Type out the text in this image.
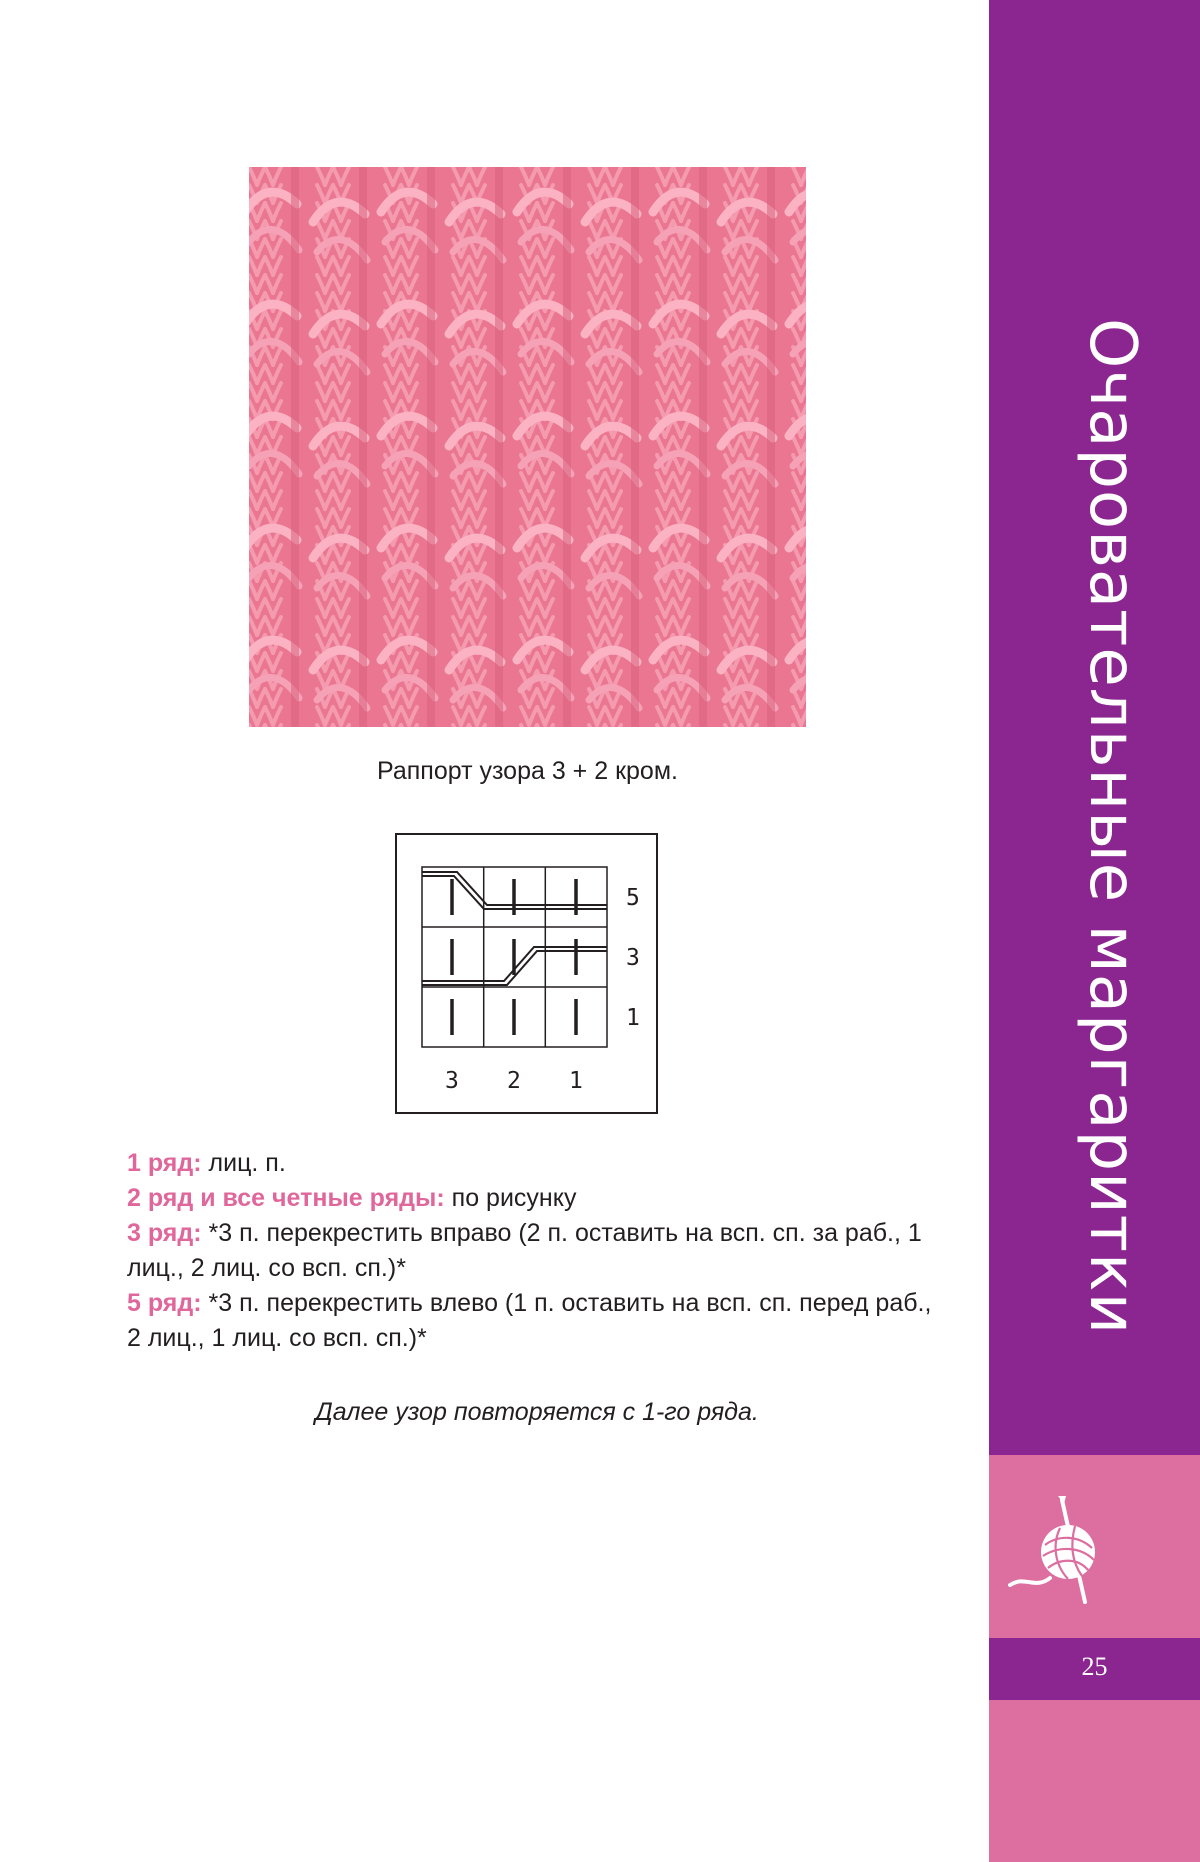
Раппорт узора 3 + 2 кром.
5
3
1
3 2 1

1 ряд: лиц. п.

2 ряд и все четные ряды: по рисунку

3 ряд: *3 п. перекрестить вправо (2 п. оставить на всп. сп. за раб., 1 лиц., 2 лиц. со всп. сп.)*

5 ряд: *3 п. перекрестить влево (1 п. оставить на всп. сп. перед раб., 2 лиц., 1 лиц. со всп. сп.)*

Далее узор повторяется с 1-го ряда.
25
Очаровательные маргаритки
